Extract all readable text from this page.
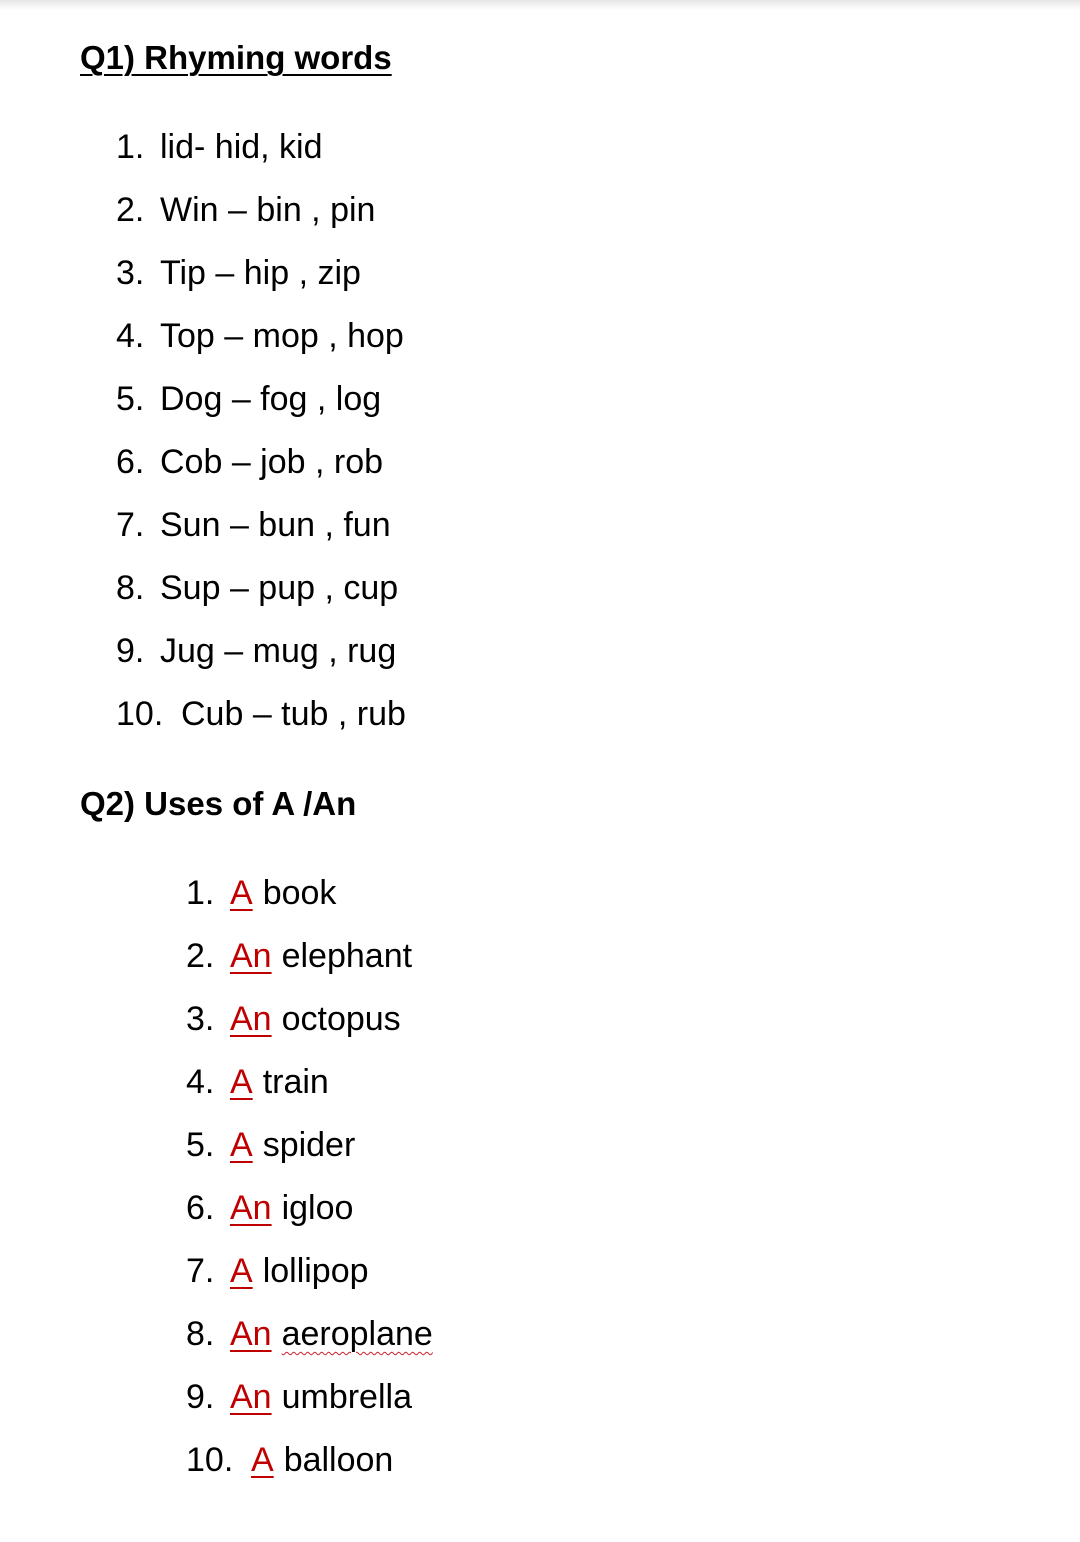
Q1) Rhyming words
1. lid- hid, kid
2. Win – bin , pin
3. Tip – hip , zip
4. Top – mop , hop
5. Dog – fog , log
6. Cob – job , rob
7. Sun – bun , fun
8. Sup – pup , cup
9. Jug – mug , rug
10. Cub – tub , rub
Q2) Uses of A /An
1. A book
2. An elephant
3. An octopus
4. A train
5. A spider
6. An igloo
7. A lollipop
8. An aeroplane
9. An umbrella
10. A balloon
